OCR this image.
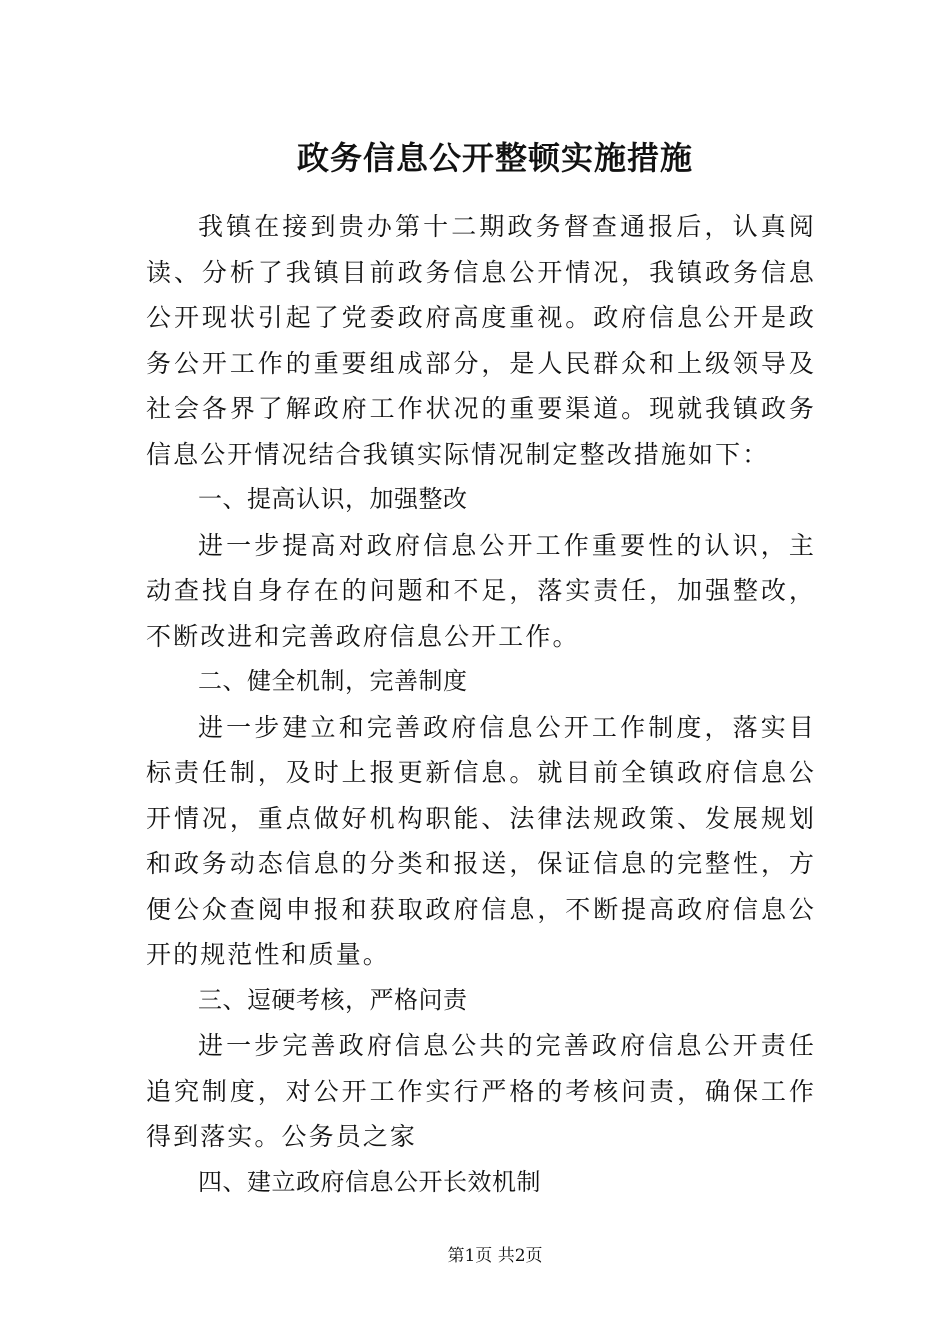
政务信息公开整顿实施措施

我镇在接到贵办第十二期政务督查通报后，认真阅读、分析了我镇目前政务信息公开情况，我镇政务信息公开现状引起了党委政府高度重视。政府信息公开是政务公开工作的重要组成部分，是人民群众和上级领导及社会各界了解政府工作状况的重要渠道。现就我镇政务信息公开情况结合我镇实际情况制定整改措施如下：

一、提高认识，加强整改

进一步提高对政府信息公开工作重要性的认识，主动查找自身存在的问题和不足，落实责任，加强整改，不断改进和完善政府信息公开工作。

二、健全机制，完善制度

进一步建立和完善政府信息公开工作制度，落实目标责任制，及时上报更新信息。就目前全镇政府信息公开情况，重点做好机构职能、法律法规政策、发展规划和政务动态信息的分类和报送，保证信息的完整性，方便公众查阅申报和获取政府信息，不断提高政府信息公开的规范性和质量。

三、逗硬考核，严格问责

进一步完善政府信息公共的完善政府信息公开责任追究制度，对公开工作实行严格的考核问责，确保工作得到落实。公务员之家

四、建立政府信息公开长效机制
第1页 共2页
